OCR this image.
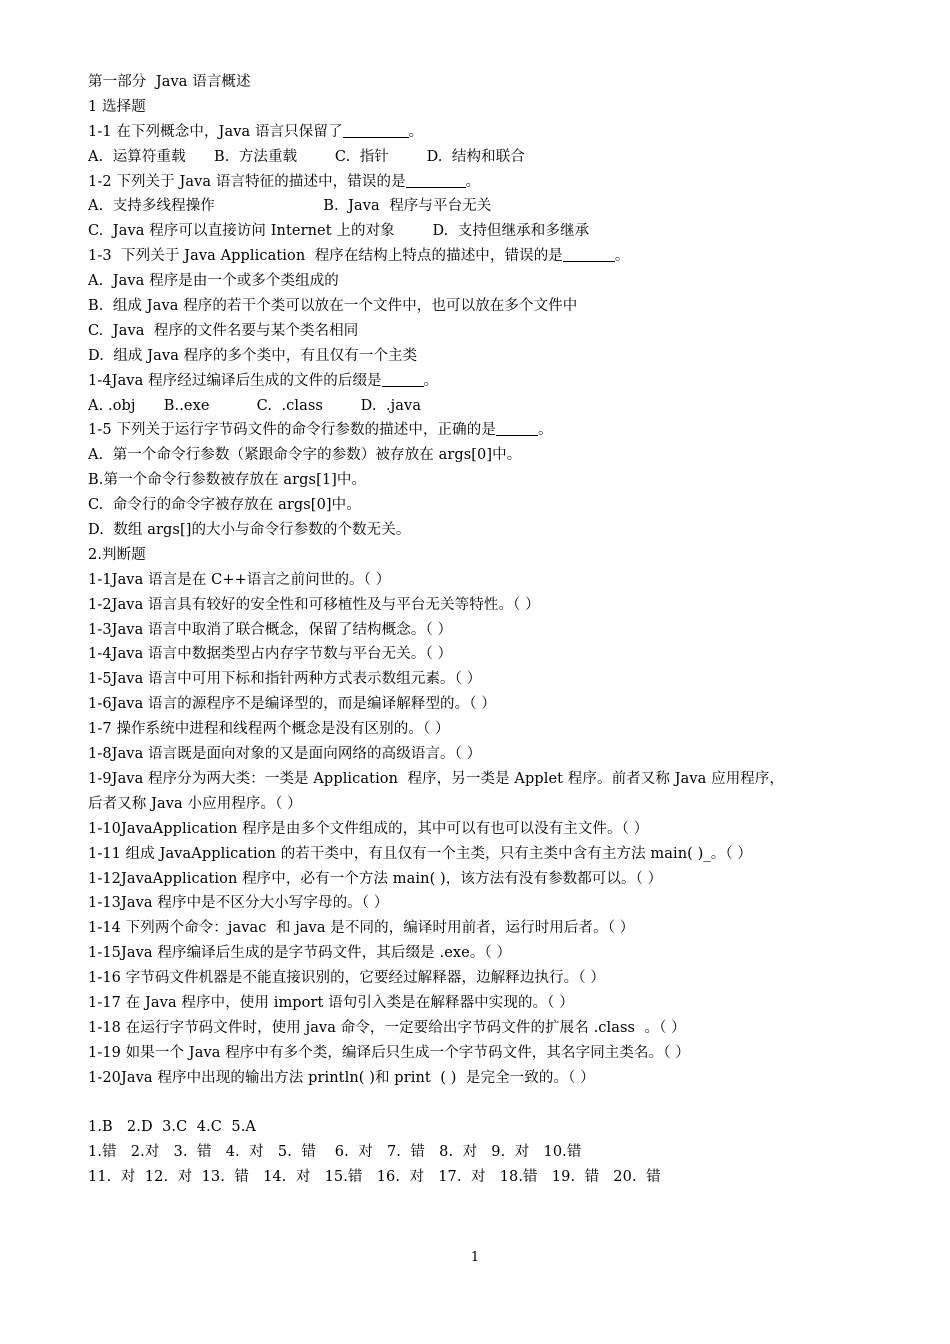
第一部分  Java 语言概述
1 选择题
1-1 在下列概念中，Java 语言只保留了	。
A.  运算符重载      B.  方法重载        C.  指针        D.  结构和联合
1-2 下列关于 Java 语言特征的描述中，错误的是	。
A.  支持多线程操作                       B.  Java  程序与平台无关
C.  Java 程序可以直接访问 Internet 上的对象        D.  支持但继承和多继承
1-3  下列关于 Java Application  程序在结构上特点的描述中，错误的是	。
A.  Java 程序是由一个或多个类组成的
B.  组成 Java 程序的若干个类可以放在一个文件中，也可以放在多个文件中
C.  Java  程序的文件名要与某个类名相同
D.  组成 Java 程序的多个类中，有且仅有一个主类
1-4Java 程序经过编译后生成的文件的后缀是	。
A. .obj      B..exe          C.  .class        D.  .java
1-5 下列关于运行字节码文件的命令行参数的描述中，正确的是	。
A.  第一个命令行参数（紧跟命令字的参数）被存放在 args[0]中。
B.第一个命令行参数被存放在 args[1]中。
C.  命令行的命令字被存放在 args[0]中。
D.  数组 args[]的大小与命令行参数的个数无关。
2.判断题
1-1Java 语言是在 C++语言之前问世的。（ ）
1-2Java 语言具有较好的安全性和可移植性及与平台无关等特性。（ ）
1-3Java 语言中取消了联合概念，保留了结构概念。（ ）
1-4Java 语言中数据类型占内存字节数与平台无关。（ ）
1-5Java 语言中可用下标和指针两种方式表示数组元素。（ ）
1-6Java 语言的源程序不是编译型的，而是编译解释型的。（ ）
1-7 操作系统中进程和线程两个概念是没有区别的。（ ）
1-8Java 语言既是面向对象的又是面向网络的高级语言。（ ）
1-9Java 程序分为两大类：一类是 Application  程序，另一类是 Applet 程序。前者又称 Java 应用程序，
后者又称 Java 小应用程序。（ ）
1-10JavaApplication 程序是由多个文件组成的，其中可以有也可以没有主文件。（ ）
1-11 组成 JavaApplication 的若干类中，有且仅有一个主类，只有主类中含有主方法 main( )_。（ ）
1-12JavaApplication 程序中，必有一个方法 main( )，该方法有没有参数都可以。（ ）
1-13Java 程序中是不区分大小写字母的。（ ）
1-14 下列两个命令：javac  和 java 是不同的，编译时用前者，运行时用后者。（ ）
1-15Java 程序编译后生成的是字节码文件，其后缀是 .exe。（ ）
1-16 字节码文件机器是不能直接识别的，它要经过解释器，边解释边执行。（ ）
1-17 在 Java 程序中，使用 import 语句引入类是在解释器中实现的。（ ）
1-18 在运行字节码文件时，使用 java 命令，一定要给出字节码文件的扩展名 .class  。（ ）
1-19 如果一个 Java 程序中有多个类，编译后只生成一个字节码文件，其名字同主类名。（ ）
1-20Java 程序中出现的输出方法 println( )和 print  ( )  是完全一致的。（ ）
1.B   2.D  3.C  4.C  5.A
1.错   2.对   3.  错   4.  对   5.  错    6.  对   7.  错   8.  对   9.  对   10.错
11.  对  12.  对  13.  错   14.  对   15.错   16.  对   17.  对   18.错   19.  错   20.  错
1
